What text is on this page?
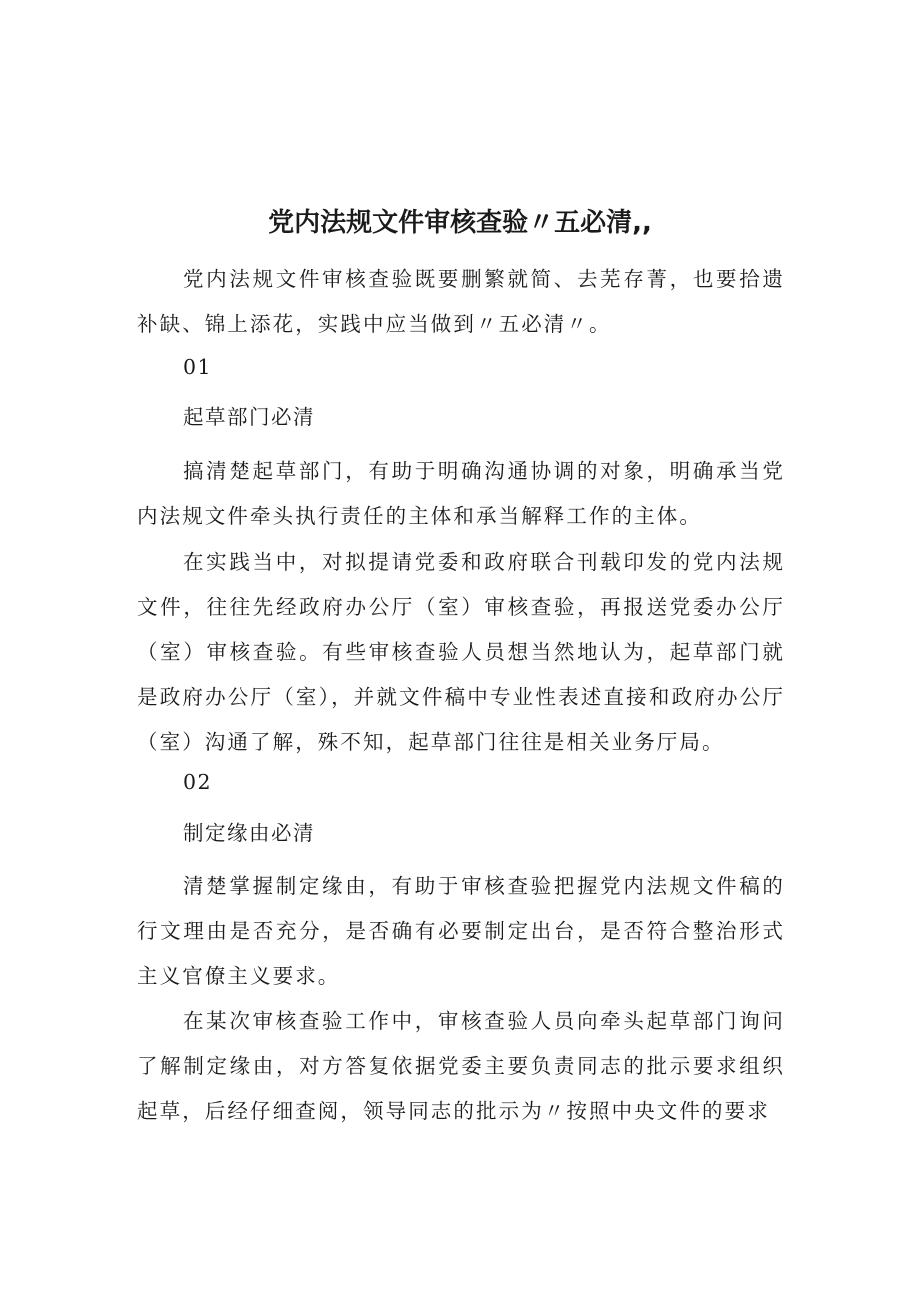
党内法规文件审核查验〃五必清,,

党内法规文件审核查验既要删繁就简、去芜存菁，也要拾遗补缺、锦上添花，实践中应当做到〃五必清〃。

01

起草部门必清

搞清楚起草部门，有助于明确沟通协调的对象，明确承当党内法规文件牵头执行责任的主体和承当解释工作的主体。

在实践当中，对拟提请党委和政府联合刊载印发的党内法规文件，往往先经政府办公厅（室）审核查验，再报送党委办公厅（室）审核查验。有些审核查验人员想当然地认为，起草部门就是政府办公厅（室），并就文件稿中专业性表述直接和政府办公厅（室）沟通了解，殊不知，起草部门往往是相关业务厅局。

02

制定缘由必清

清楚掌握制定缘由，有助于审核查验把握党内法规文件稿的行文理由是否充分，是否确有必要制定出台，是否符合整治形式主义官僚主义要求。

在某次审核查验工作中，审核查验人员向牵头起草部门询问了解制定缘由，对方答复依据党委主要负责同志的批示要求组织起草，后经仔细查阅，领导同志的批示为〃按照中央文件的要求
